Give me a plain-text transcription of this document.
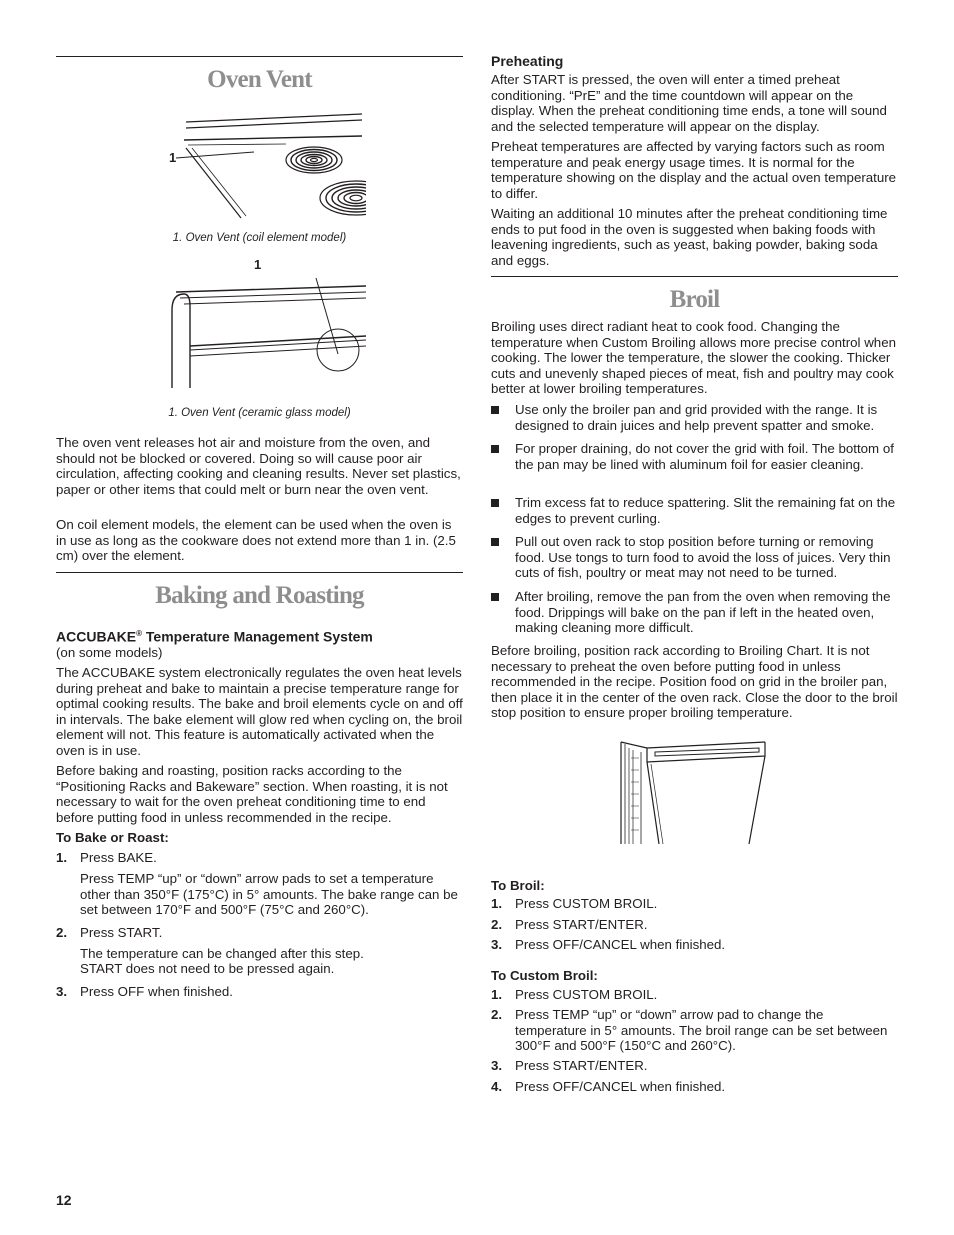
Oven Vent
1
1. Oven Vent (coil element model)
1
1. Oven Vent (ceramic glass model)

The oven vent releases hot air and moisture from the oven, and should not be blocked or covered. Doing so will cause poor air circulation, affecting cooking and cleaning results. Never set plastics, paper or other items that could melt or burn near the oven vent.

On coil element models, the element can be used when the oven is in use as long as the cookware does not extend more than 1 in. (2.5 cm) over the element.

Baking and Roasting
ACCUBAKE® Temperature Management System

(on some models)

The ACCUBAKE system electronically regulates the oven heat levels during preheat and bake to maintain a precise temperature range for optimal cooking results. The bake and broil elements cycle on and off in intervals. The bake element will glow red when cycling on, the broil element will not. This feature is automatically activated when the oven is in use.

Before baking and roasting, position racks according to the “Positioning Racks and Bakeware” section. When roasting, it is not necessary to wait for the oven preheat conditioning time to end before putting food in unless recommended in the recipe.

To Bake or Roast:
1. Press BAKE.

Press TEMP “up” or “down” arrow pads to set a temperature other than 350°F (175°C) in 5° amounts. The bake range can be set between 170°F and 500°F (75°C and 260°C).

2. Press START.

The temperature can be changed after this step.

START does not need to be pressed again.

3. Press OFF when finished.

Preheating

After START is pressed, the oven will enter a timed preheat conditioning. “PrE” and the time countdown will appear on the display. When the preheat conditioning time ends, a tone will sound and the selected temperature will appear on the display.

Preheat temperatures are affected by varying factors such as room temperature and peak energy usage times. It is normal for the temperature showing on the display and the actual oven temperature to differ.

Waiting an additional 10 minutes after the preheat conditioning time ends to put food in the oven is suggested when baking foods with leavening ingredients, such as yeast, baking powder, baking soda and eggs.

Broil

Broiling uses direct radiant heat to cook food. Changing the temperature when Custom Broiling allows more precise control when cooking. The lower the temperature, the slower the cooking. Thicker cuts and unevenly shaped pieces of meat, fish and poultry may cook better at lower broiling temperatures.

Use only the broiler pan and grid provided with the range. It is designed to drain juices and help prevent spatter and smoke.

For proper draining, do not cover the grid with foil. The bottom of the pan may be lined with aluminum foil for easier cleaning.

Trim excess fat to reduce spattering. Slit the remaining fat on the edges to prevent curling.

Pull out oven rack to stop position before turning or removing food. Use tongs to turn food to avoid the loss of juices. Very thin cuts of fish, poultry or meat may not need to be turned.

After broiling, remove the pan from the oven when removing the food. Drippings will bake on the pan if left in the heated oven, making cleaning more difficult.

Before broiling, position rack according to Broiling Chart. It is not necessary to preheat the oven before putting food in unless recommended in the recipe. Position food on grid in the broiler pan, then place it in the center of the oven rack. Close the door to the broil stop position to ensure proper broiling temperature.

To Broil:
1. Press CUSTOM BROIL.

2. Press START/ENTER.

3. Press OFF/CANCEL when finished.

To Custom Broil:
1. Press CUSTOM BROIL.

2. Press TEMP “up” or “down” arrow pad to change the temperature in 5° amounts. The broil range can be set between 300°F and 500°F (150°C and 260°C).

3. Press START/ENTER.

4. Press OFF/CANCEL when finished.

12
